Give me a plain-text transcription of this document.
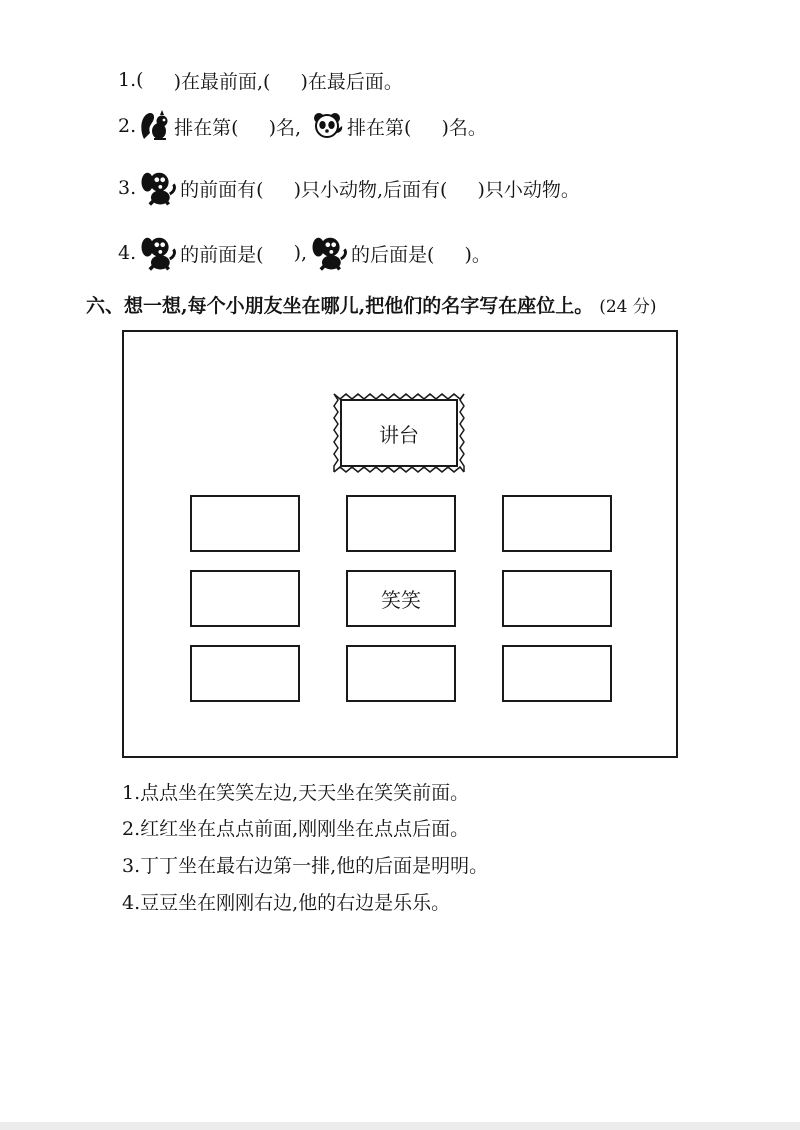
1. ( )在最前面,( )在最后面。
2. 排在第( )名, 排在第( )名。
3. 的前面有( )只小动物,后面有( )只小动物。
4. 的前面是( ), 的后面是( )。
六、想一想,每个小朋友坐在哪儿,把他们的名字写在座位上。 (24 分)
讲台
笑笑
1.点点坐在笑笑左边,天天坐在笑笑前面。
2.红红坐在点点前面,刚刚坐在点点后面。
3.丁丁坐在最右边第一排,他的后面是明明。
4.豆豆坐在刚刚右边,他的右边是乐乐。
